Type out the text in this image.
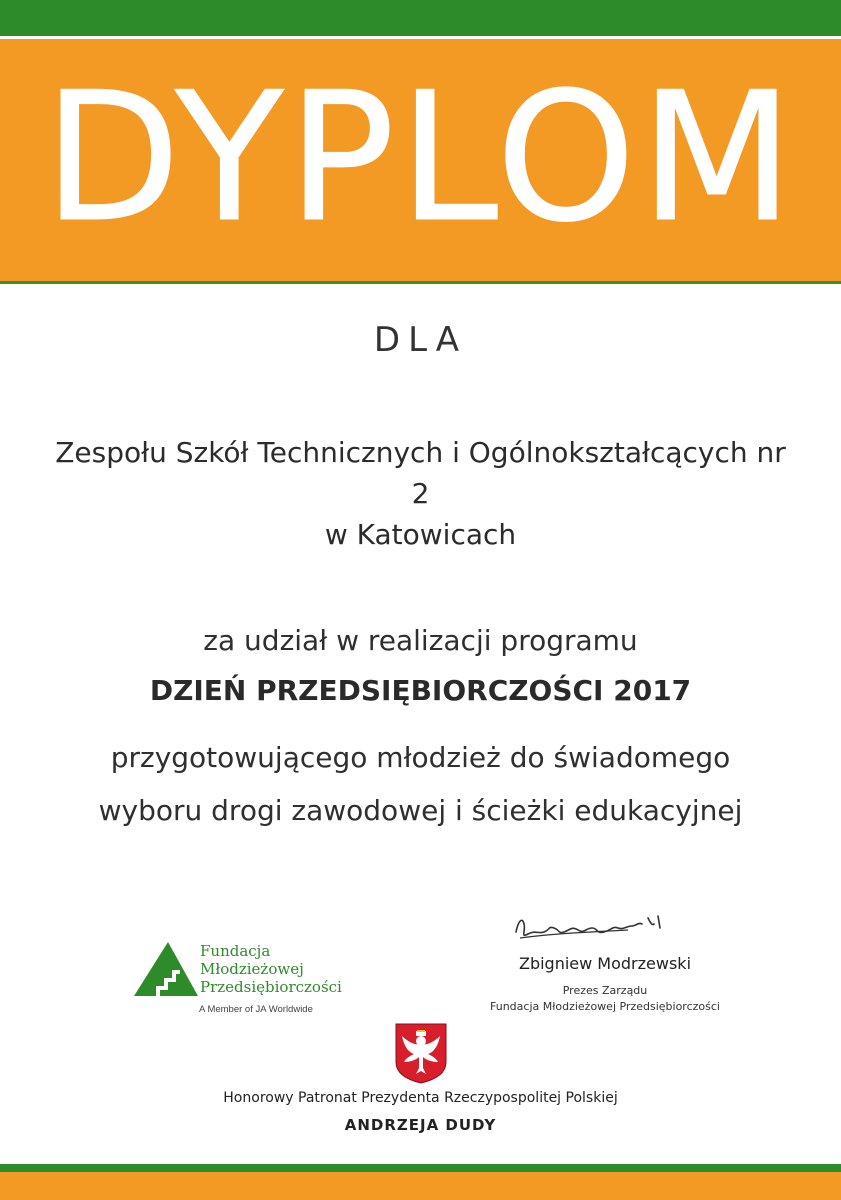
DYPLOM
DLA
Zespołu Szkół Technicznych i Ogólnokształcących nr
2
w Katowicach
za udział w realizacji programu
DZIEŃ PRZEDSIĘBIORCZOŚCI 2017
przygotowującego młodzież do świadomego
wyboru drogi zawodowej i ścieżki edukacyjnej
Fundacja
Młodzieżowej
Przedsiębiorczości
A Member of JA Worldwide
Zbigniew Modrzewski
Prezes Zarządu
Fundacja Młodzieżowej Przedsiębiorczości
Honorowy Patronat Prezydenta Rzeczypospolitej Polskiej
ANDRZEJA DUDY
